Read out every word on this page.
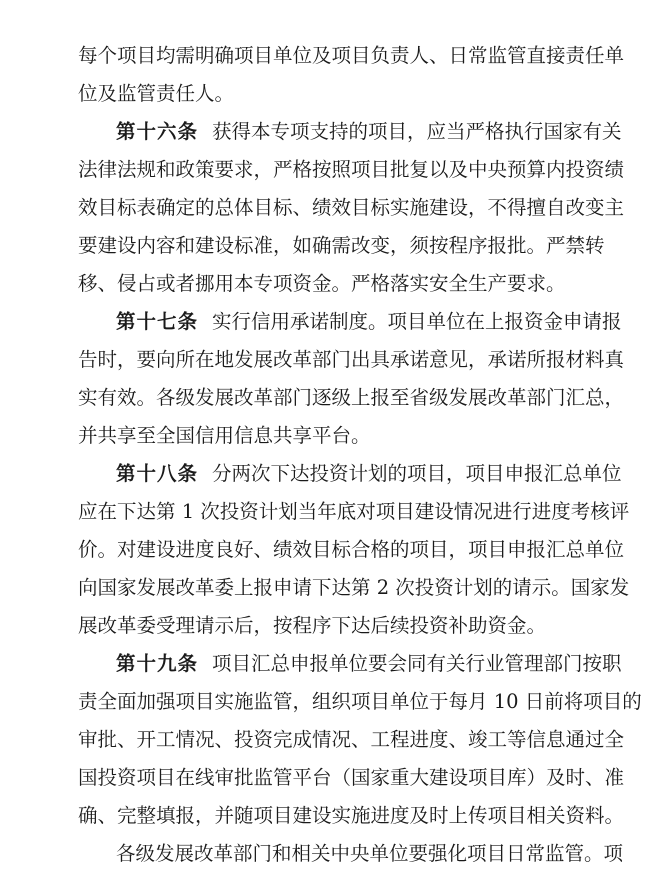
每个项目均需明确项目单位及项目负责人、日常监管直接责任单
位及监管责任人。
第十六条 获得本专项支持的项目，应当严格执行国家有关
法律法规和政策要求，严格按照项目批复以及中央预算内投资绩
效目标表确定的总体目标、绩效目标实施建设，不得擅自改变主
要建设内容和建设标准，如确需改变，须按程序报批。严禁转
移、侵占或者挪用本专项资金。严格落实安全生产要求。
第十七条 实行信用承诺制度。项目单位在上报资金申请报
告时，要向所在地发展改革部门出具承诺意见，承诺所报材料真
实有效。各级发展改革部门逐级上报至省级发展改革部门汇总，
并共享至全国信用信息共享平台。
第十八条 分两次下达投资计划的项目，项目申报汇总单位
应在下达第 1 次投资计划当年底对项目建设情况进行进度考核评
价。对建设进度良好、绩效目标合格的项目，项目申报汇总单位
向国家发展改革委上报申请下达第 2 次投资计划的请示。国家发
展改革委受理请示后，按程序下达后续投资补助资金。
第十九条 项目汇总申报单位要会同有关行业管理部门按职
责全面加强项目实施监管，组织项目单位于每月 10 日前将项目的
审批、开工情况、投资完成情况、工程进度、竣工等信息通过全
国投资项目在线审批监管平台（国家重大建设项目库）及时、准
确、完整填报，并随项目建设实施进度及时上传项目相关资料。
各级发展改革部门和相关中央单位要强化项目日常监管。项
